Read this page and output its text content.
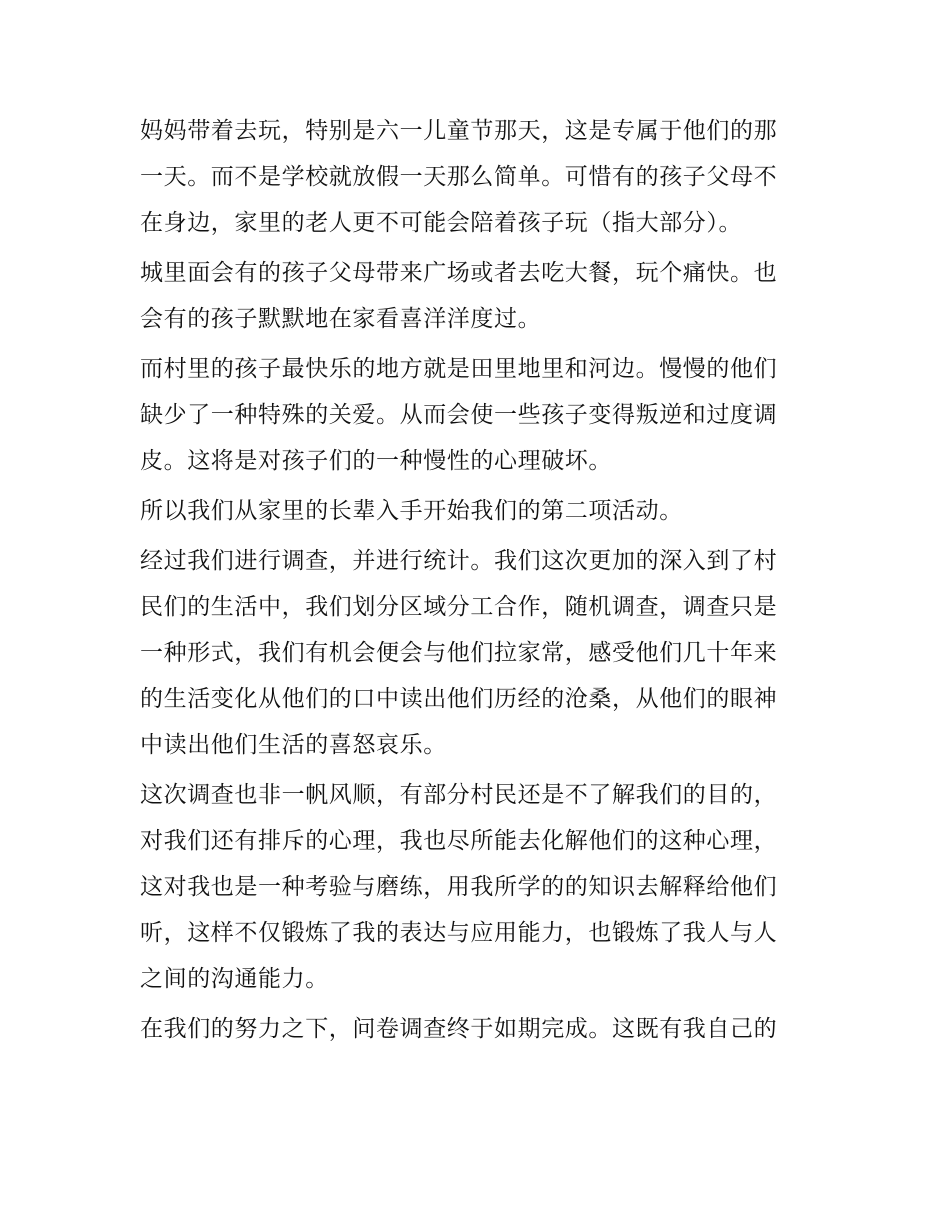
妈妈带着去玩，特别是六一儿童节那天，这是专属于他们的那
一天。而不是学校就放假一天那么简单。可惜有的孩子父母不
在身边，家里的老人更不可能会陪着孩子玩（指大部分）。
城里面会有的孩子父母带来广场或者去吃大餐，玩个痛快。也
会有的孩子默默地在家看喜洋洋度过。
而村里的孩子最快乐的地方就是田里地里和河边。慢慢的他们
缺少了一种特殊的关爱。从而会使一些孩子变得叛逆和过度调
皮。这将是对孩子们的一种慢性的心理破坏。
所以我们从家里的长辈入手开始我们的第二项活动。
经过我们进行调查，并进行统计。我们这次更加的深入到了村
民们的生活中，我们划分区域分工合作，随机调查，调查只是
一种形式，我们有机会便会与他们拉家常，感受他们几十年来
的生活变化从他们的口中读出他们历经的沧桑，从他们的眼神
中读出他们生活的喜怒哀乐。
这次调查也非一帆风顺，有部分村民还是不了解我们的目的，
对我们还有排斥的心理，我也尽所能去化解他们的这种心理，
这对我也是一种考验与磨练，用我所学的的知识去解释给他们
听，这样不仅锻炼了我的表达与应用能力，也锻炼了我人与人
之间的沟通能力。
在我们的努力之下，问卷调查终于如期完成。这既有我自己的
